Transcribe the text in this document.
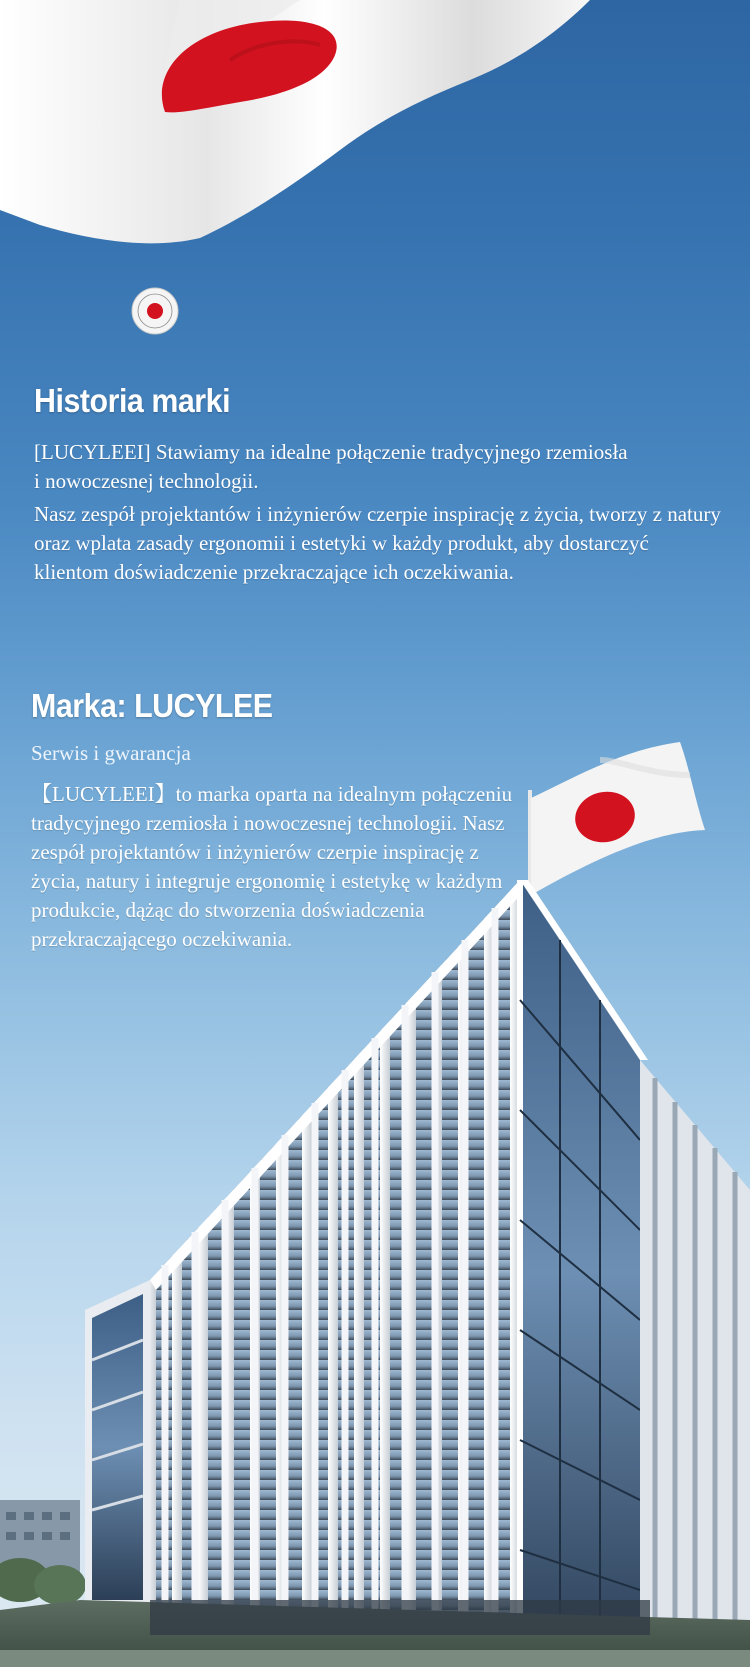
Historia marki

[LUCYLEEI] Stawiamy na idealne połączenie tradycyjnego rzemiosła i nowoczesnej technologii.

Nasz zespół projektantów i inżynierów czerpie inspirację z życia, tworzy z natury oraz wplata zasady ergonomii i estetyki w każdy produkt, aby dostarczyć klientom doświadczenie przekraczające ich oczekiwania.

Marka: LUCYLEE

Serwis i gwarancja

【LUCYLEEI】to marka oparta na idealnym połączeniu tradycyjnego rzemiosła i nowoczesnej technologii. Nasz zespół projektantów i inżynierów czerpie inspirację z życia, natury i integruje ergonomię i estetykę w każdym produkcie, dążąc do stworzenia doświadczenia przekraczającego oczekiwania.
